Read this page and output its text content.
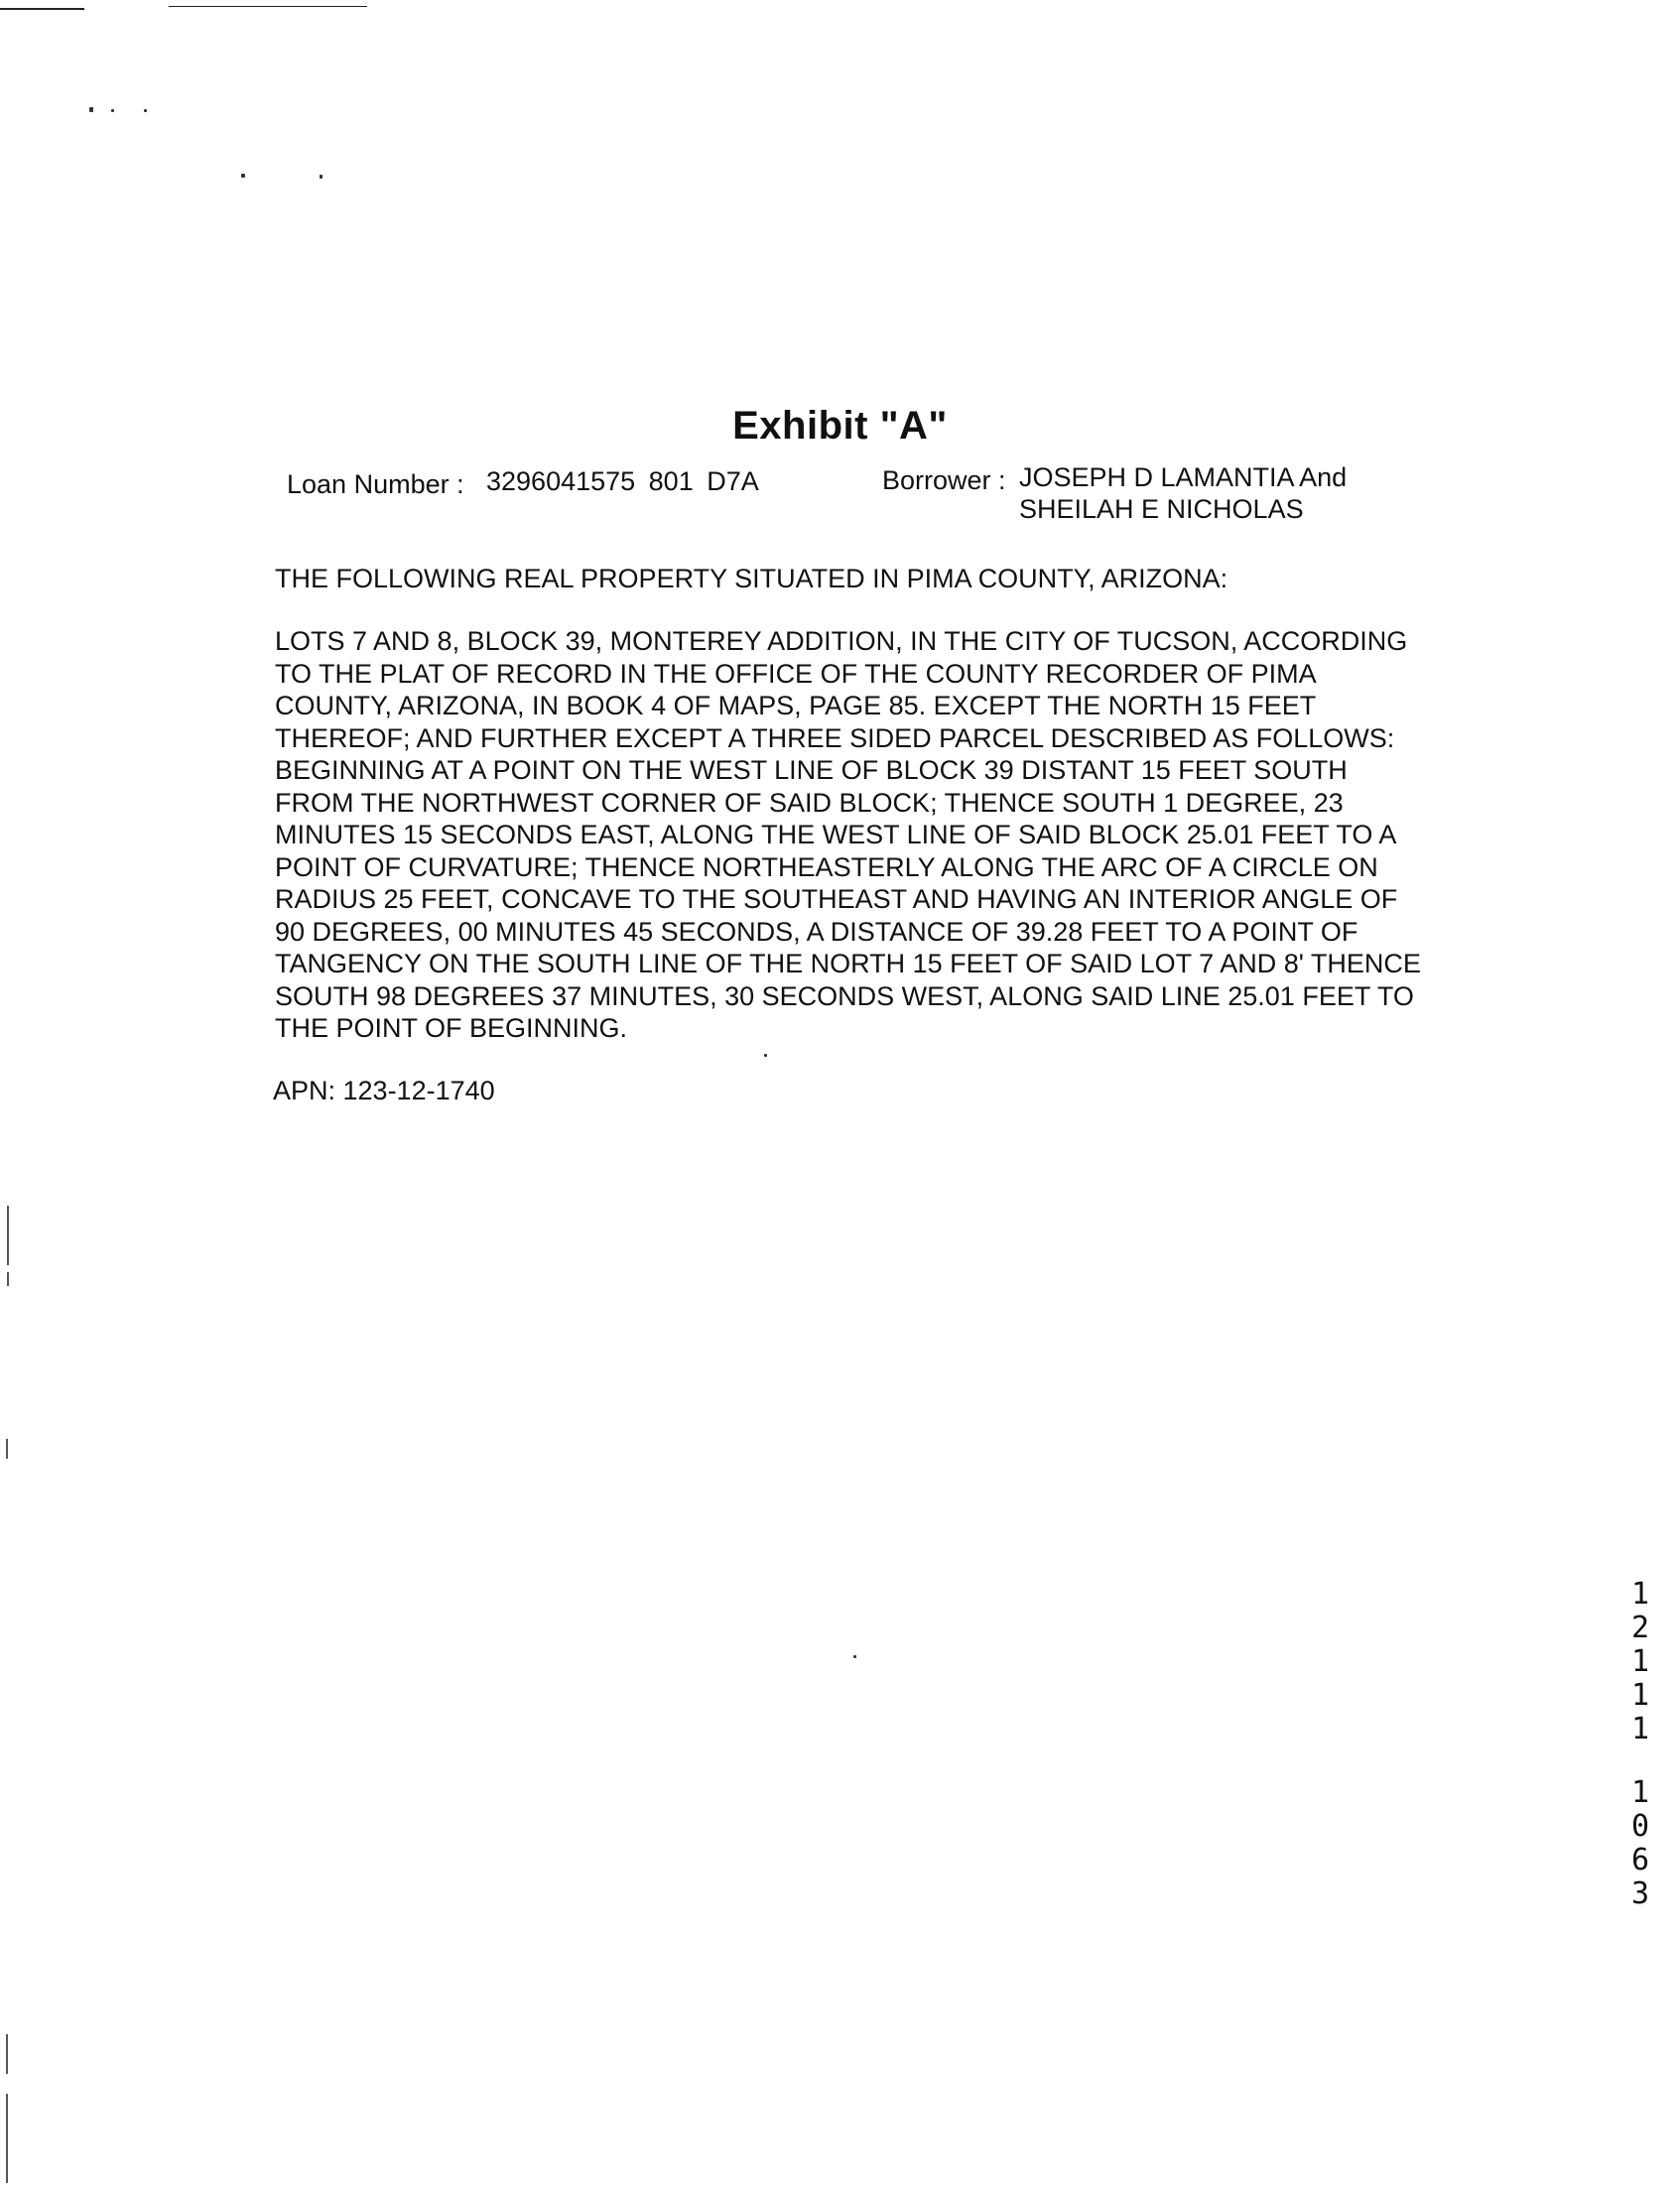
Exhibit "A"
Loan Number : 3296041575 801 D7A	Borrower : JOSEPH D LAMANTIA And
SHEILAH E NICHOLAS
THE FOLLOWING REAL PROPERTY SITUATED IN PIMA COUNTY, ARIZONA:
LOTS 7 AND 8, BLOCK 39, MONTEREY ADDITION, IN THE CITY OF TUCSON, ACCORDING
TO THE PLAT OF RECORD IN THE OFFICE OF THE COUNTY RECORDER OF PIMA
COUNTY, ARIZONA, IN BOOK 4 OF MAPS, PAGE 85. EXCEPT THE NORTH 15 FEET
THEREOF; AND FURTHER EXCEPT A THREE SIDED PARCEL DESCRIBED AS FOLLOWS:
BEGINNING AT A POINT ON THE WEST LINE OF BLOCK 39 DISTANT 15 FEET SOUTH
FROM THE NORTHWEST CORNER OF SAID BLOCK; THENCE SOUTH 1 DEGREE, 23
MINUTES 15 SECONDS EAST, ALONG THE WEST LINE OF SAID BLOCK 25.01 FEET TO A
POINT OF CURVATURE; THENCE NORTHEASTERLY ALONG THE ARC OF A CIRCLE ON
RADIUS 25 FEET, CONCAVE TO THE SOUTHEAST AND HAVING AN INTERIOR ANGLE OF
90 DEGREES, 00 MINUTES 45 SECONDS, A DISTANCE OF 39.28 FEET TO A POINT OF
TANGENCY ON THE SOUTH LINE OF THE NORTH 15 FEET OF SAID LOT 7 AND 8' THENCE
SOUTH 98 DEGREES 37 MINUTES, 30 SECONDS WEST, ALONG SAID LINE 25.01 FEET TO
THE POINT OF BEGINNING.
APN: 123-12-1740
1
2
1
1
1
1
0
6
3
